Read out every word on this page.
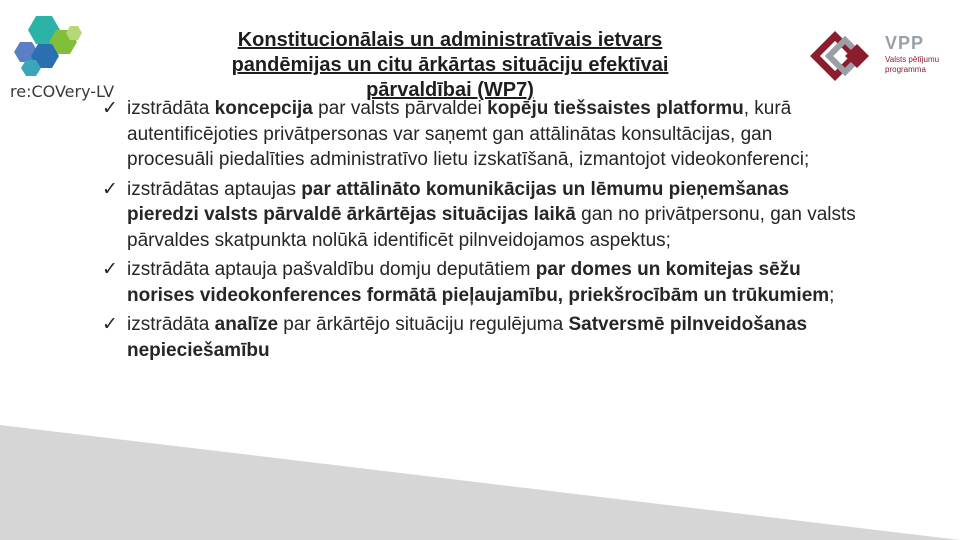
re:COVery-LV
VPP
Valsts pētījumu
programma
Konstitucionālais un administratīvais ietvars
pandēmijas un citu ārkārtas situāciju efektīvai
pārvaldībai (WP7)
✓ izstrādāta koncepcija par valsts pārvaldei kopēju tiešsaistes platformu, kurā autentificējoties privātpersonas var saņemt gan attālinātas konsultācijas, gan procesuāli piedalīties administratīvo lietu izskatīšanā, izmantojot videokonferenci;
✓ izstrādātas aptaujas par attālināto komunikācijas un lēmumu pieņemšanas pieredzi valsts pārvaldē ārkārtējas situācijas laikā gan no privātpersonu, gan valsts pārvaldes skatpunkta nolūkā identificēt pilnveidojamos aspektus;
✓ izstrādāta aptauja pašvaldību domju deputātiem par domes un komitejas sēžu norises videokonferences formātā pieļaujamību, priekšrocībām un trūkumiem;
✓ izstrādāta analīze par ārkārtējo situāciju regulējuma Satversmē pilnveidošanas nepieciešamību
